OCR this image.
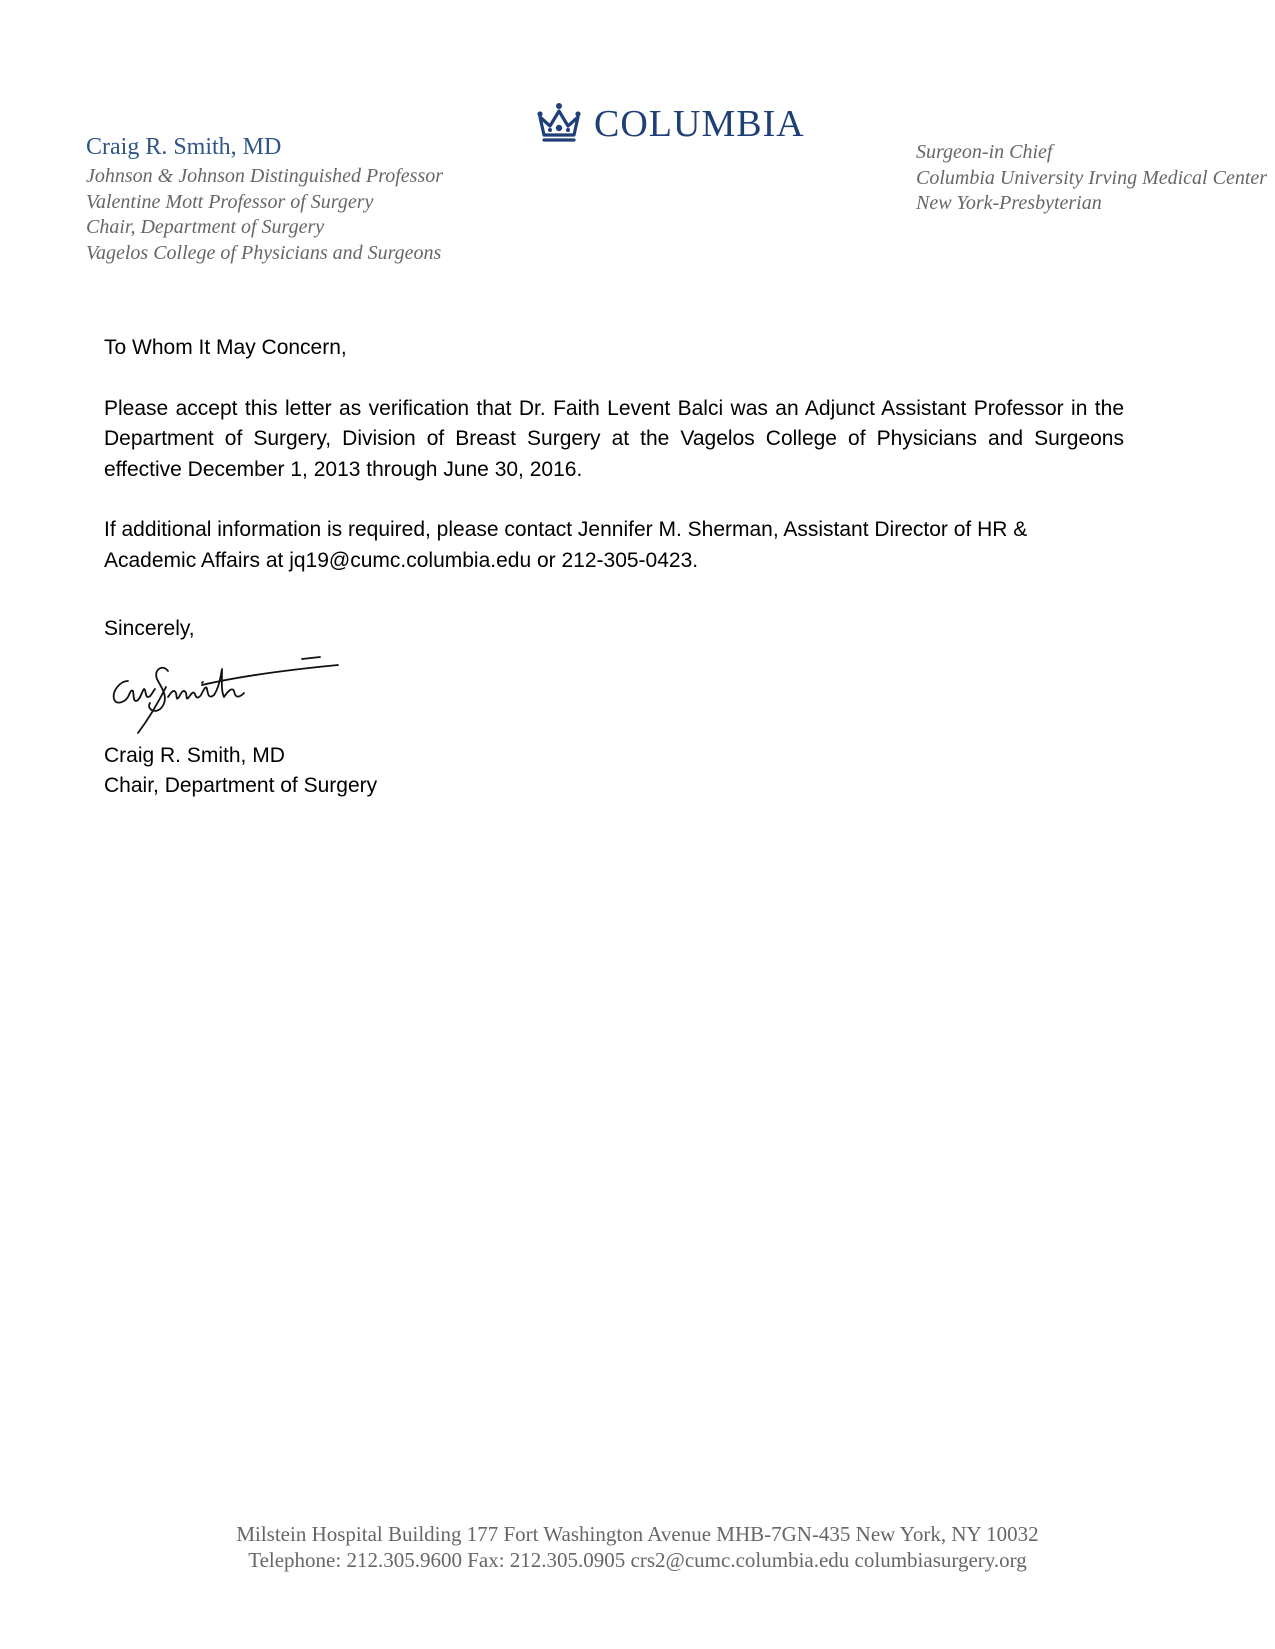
Craig R. Smith, MD
Johnson & Johnson Distinguished Professor
Valentine Mott Professor of Surgery
Chair, Department of Surgery
Vagelos College of Physicians and Surgeons
COLUMBIA
Surgeon-in Chief
Columbia University Irving Medical Center
New York-Presbyterian
To Whom It May Concern,
Please accept this letter as verification that Dr. Faith Levent Balci was an Adjunct Assistant Professor in the Department of Surgery, Division of Breast Surgery at the Vagelos College of Physicians and Surgeons effective December 1, 2013 through June 30, 2016.
If additional information is required, please contact Jennifer M. Sherman, Assistant Director of HR & Academic Affairs at jq19@cumc.columbia.edu or 212-305-0423.
Sincerely,
Craig R. Smith, MD
Chair, Department of Surgery
Milstein Hospital Building 177 Fort Washington Avenue MHB-7GN-435 New York, NY 10032
Telephone: 212.305.9600 Fax: 212.305.0905 crs2@cumc.columbia.edu columbiasurgery.org
